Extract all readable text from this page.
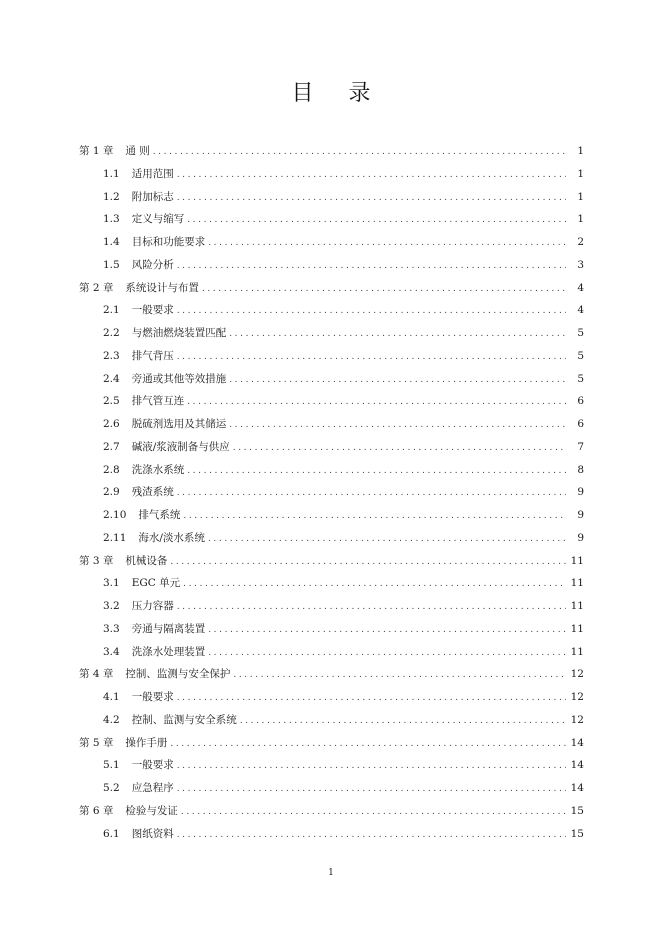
目 录
第 1 章 通 则 .....	1
1.1 适用范围 .....	1
1.2 附加标志 .....	1
1.3 定义与缩写 .....	1
1.4 目标和功能要求 .....	2
1.5 风险分析 .....	3
第 2 章 系统设计与布置 .....	4
2.1 一般要求 .....	4
2.2 与燃油燃烧装置匹配 .....	5
2.3 排气背压 .....	5
2.4 旁通或其他等效措施 .....	5
2.5 排气管互连 .....	6
2.6 脱硫剂选用及其储运 .....	6
2.7 碱液/浆液制备与供应 .....	7
2.8 洗涤水系统 .....	8
2.9 残渣系统 .....	9
2.10 排气系统 .....	9
2.11 海水/淡水系统 .....	9
第 3 章 机械设备 .....	11
3.1 EGC 单元 .....	11
3.2 压力容器 .....	11
3.3 旁通与隔离装置 .....	11
3.4 洗涤水处理装置 .....	11
第 4 章 控制、监测与安全保护 .....	12
4.1 一般要求 .....	12
4.2 控制、监测与安全系统 .....	12
第 5 章 操作手册 .....	14
5.1 一般要求 .....	14
5.2 应急程序 .....	14
第 6 章 检验与发证 .....	15
6.1 图纸资料 .....	15
1
